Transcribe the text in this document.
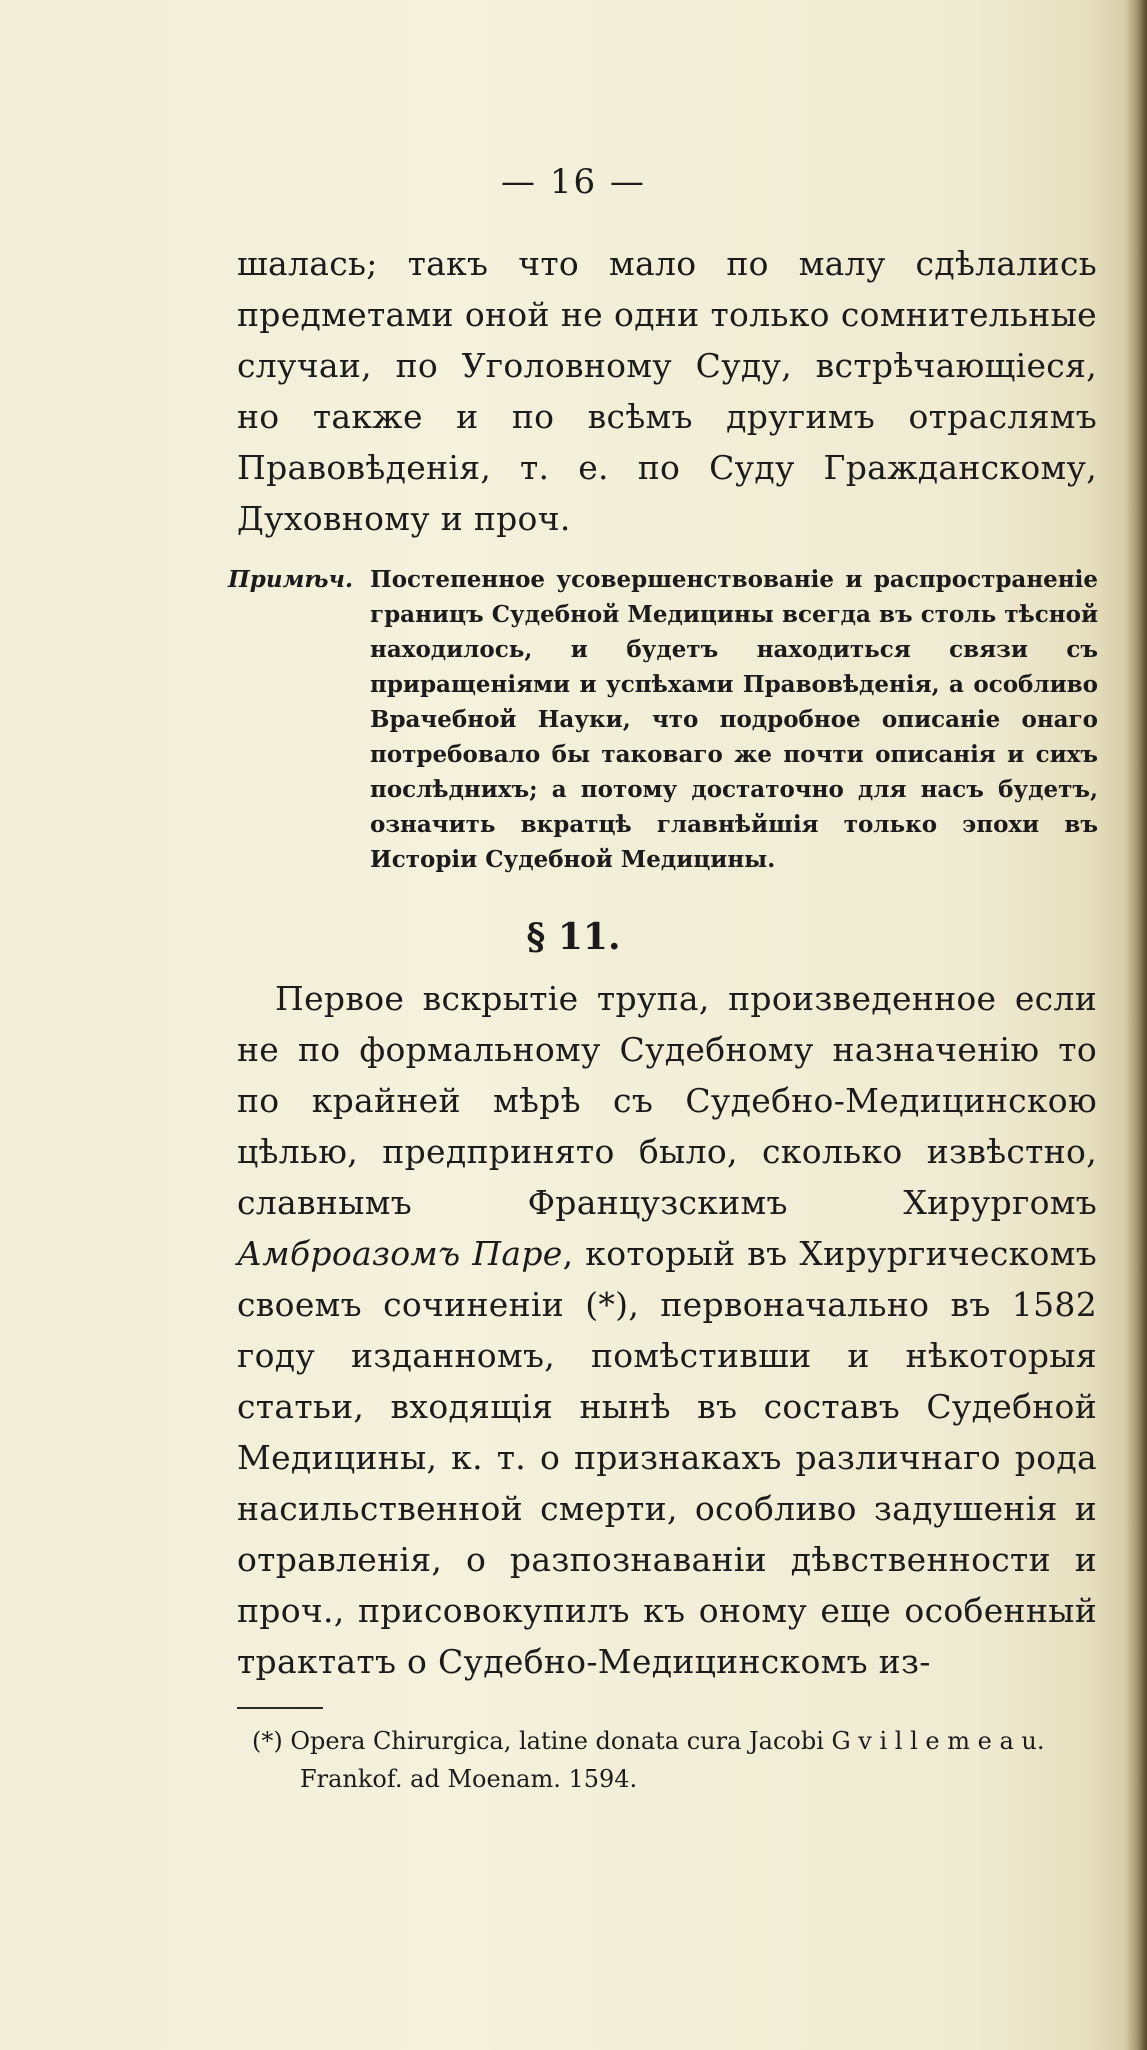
— 16 —
шалась; такъ что мало по малу сдѣлались предметами оной не одни только сомнительные случаи, по Уголовному Суду, встрѣчающіеся, но также и по всѣмъ другимъ отраслямъ Правовѣденія, т. е. по Суду Гражданскому, Духовному и проч.
Примѣч. Постепенное усовершенствованіе и распространеніе границъ Судебной Медицины всегда въ столь тѣсной находилось, и будетъ находиться связи съ приращеніями и успѣхами Правовѣденія, а особливо Врачебной Науки, что подробное описаніе онаго потребовало бы таковаго же почти описанія и сихъ послѣднихъ; а потому достаточно для насъ будетъ, означить вкратцѣ главнѣйшія только эпохи въ Исторіи Судебной Медицины.
§ 11.
Первое вскрытіе трупа, произведенное если не по формальному Судебному назначенію то по крайней мѣрѣ съ Судебно-Медицинскою цѣлью, предпринято было, сколько извѣстно, славнымъ Французскимъ Хирургомъ Амброазомъ Паре, который въ Хирургическомъ своемъ сочиненіи (*), первоначально въ 1582 году изданномъ, помѣстивши и нѣкоторыя статьи, входящія нынѣ въ составъ Судебной Медицины, к. т. о признакахъ различнаго рода насильственной смерти, особливо задушенія и отравленія, о разпознаваніи дѣвственности и проч., присовокупилъ къ оному еще особенный трактатъ о Судебно-Медицинскомъ из-
(*) Opera Chirurgica, latine donata cura Jacobi G v i l l e m e a u.
Frankof. ad Moenam. 1594.
